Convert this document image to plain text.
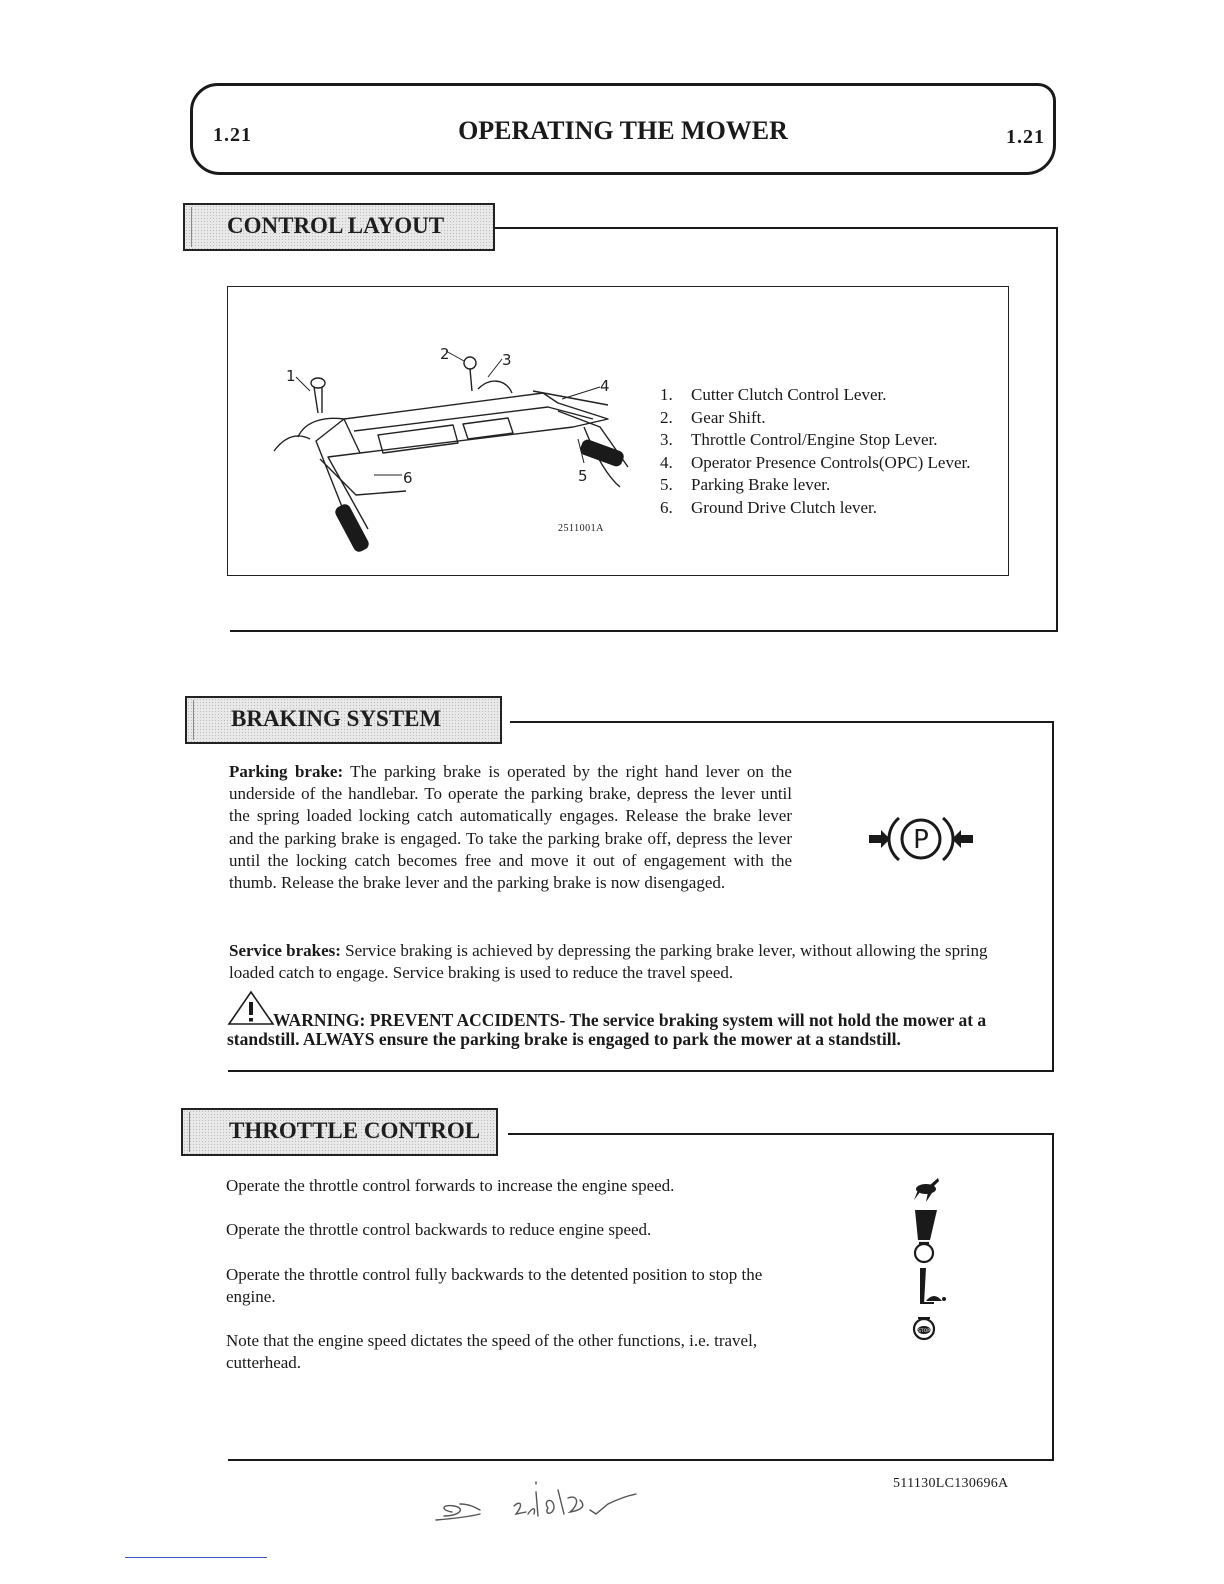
1.21	OPERATING THE MOWER	1.21
CONTROL LAYOUT
1
2	3
4
5
6
2511001A
1. Cutter Clutch Control Lever.
2. Gear Shift.
3. Throttle Control/Engine Stop Lever.
4. Operator Presence Controls(OPC) Lever.
5. Parking Brake lever.
6. Ground Drive Clutch lever.
BRAKING SYSTEM

Parking brake: The parking brake is operated by the right hand lever on the underside of the handlebar. To operate the parking brake, depress the lever until the spring loaded locking catch automatically engages. Release the brake lever and the parking brake is engaged. To take the parking brake off, depress the lever until the locking catch becomes free and move it out of engagement with the thumb. Release the brake lever and the parking brake is now disengaged.

P

Service brakes: Service braking is achieved by depressing the parking brake lever, without allowing the spring loaded catch to engage. Service braking is used to reduce the travel speed.

WARNING: PREVENT ACCIDENTS- The service braking system will not hold the mower at a standstill. ALWAYS ensure the parking brake is engaged to park the mower at a standstill.

THROTTLE CONTROL

Operate the throttle control forwards to increase the engine speed.

Operate the throttle control backwards to reduce engine speed.

Operate the throttle control fully backwards to the detented position to stop the engine.

Note that the engine speed dictates the speed of the other functions, i.e. travel, cutterhead.

STOP
511130LC130696A
